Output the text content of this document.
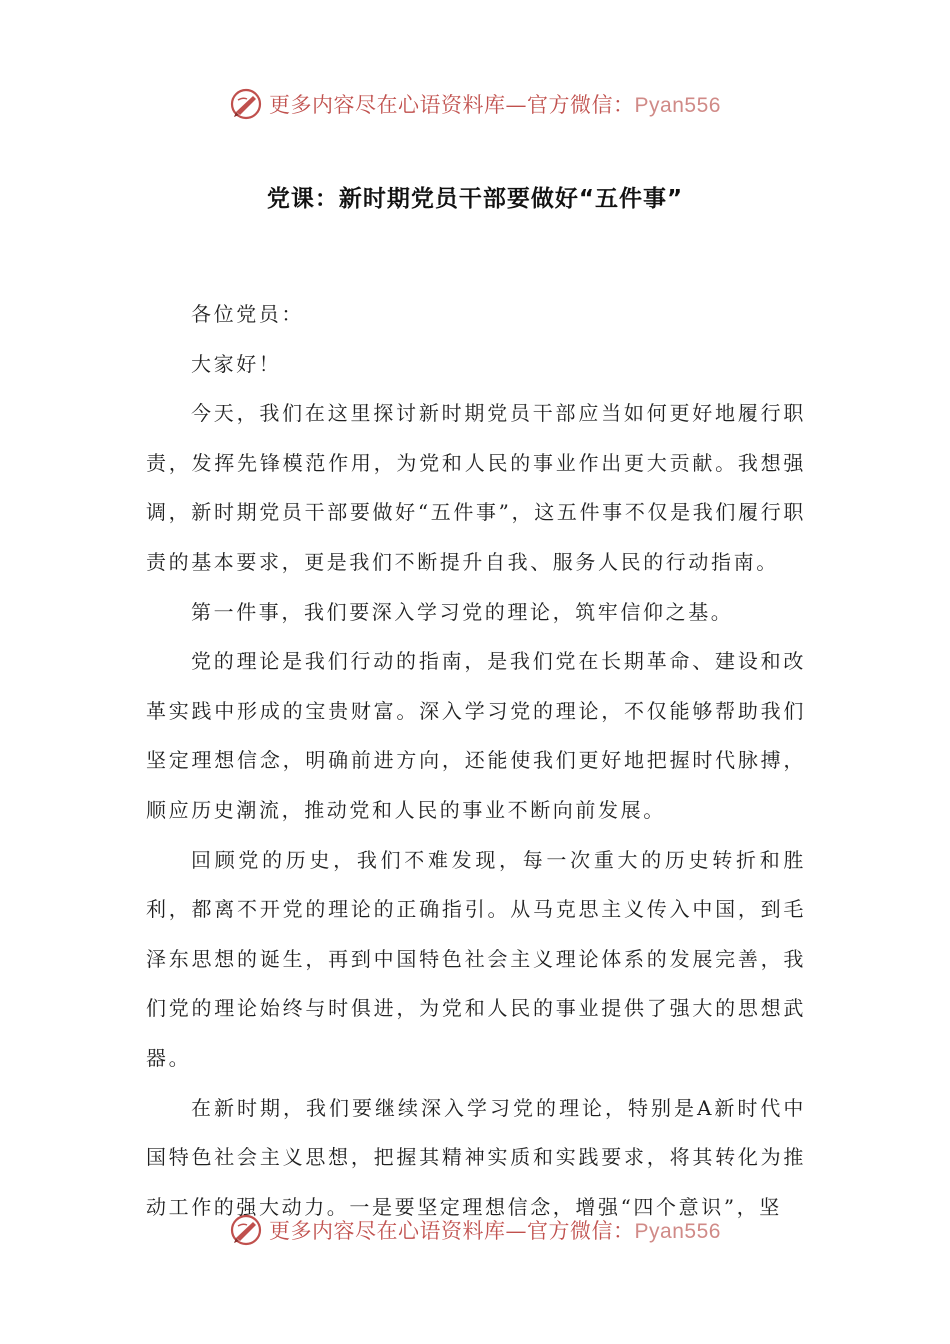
更多内容尽在心语资料库—官方微信：Pyan556
党课：新时期党员干部要做好“五件事”

各位党员：

大家好！

今天，我们在这里探讨新时期党员干部应当如何更好地履行职责，发挥先锋模范作用，为党和人民的事业作出更大贡献。我想强调，新时期党员干部要做好“五件事”，这五件事不仅是我们履行职责的基本要求，更是我们不断提升自我、服务人民的行动指南。

第一件事，我们要深入学习党的理论，筑牢信仰之基。

党的理论是我们行动的指南，是我们党在长期革命、建设和改革实践中形成的宝贵财富。深入学习党的理论，不仅能够帮助我们坚定理想信念，明确前进方向，还能使我们更好地把握时代脉搏，顺应历史潮流，推动党和人民的事业不断向前发展。

回顾党的历史，我们不难发现，每一次重大的历史转折和胜利，都离不开党的理论的正确指引。从马克思主义传入中国，到毛泽东思想的诞生，再到中国特色社会主义理论体系的发展完善，我们党的理论始终与时俱进，为党和人民的事业提供了强大的思想武器。

在新时期，我们要继续深入学习党的理论，特别是A新时代中国特色社会主义思想，把握其精神实质和实践要求，将其转化为推动工作的强大动力。一是要坚定理想信念，增强“四个意识”，坚

更多内容尽在心语资料库—官方微信：Pyan556
